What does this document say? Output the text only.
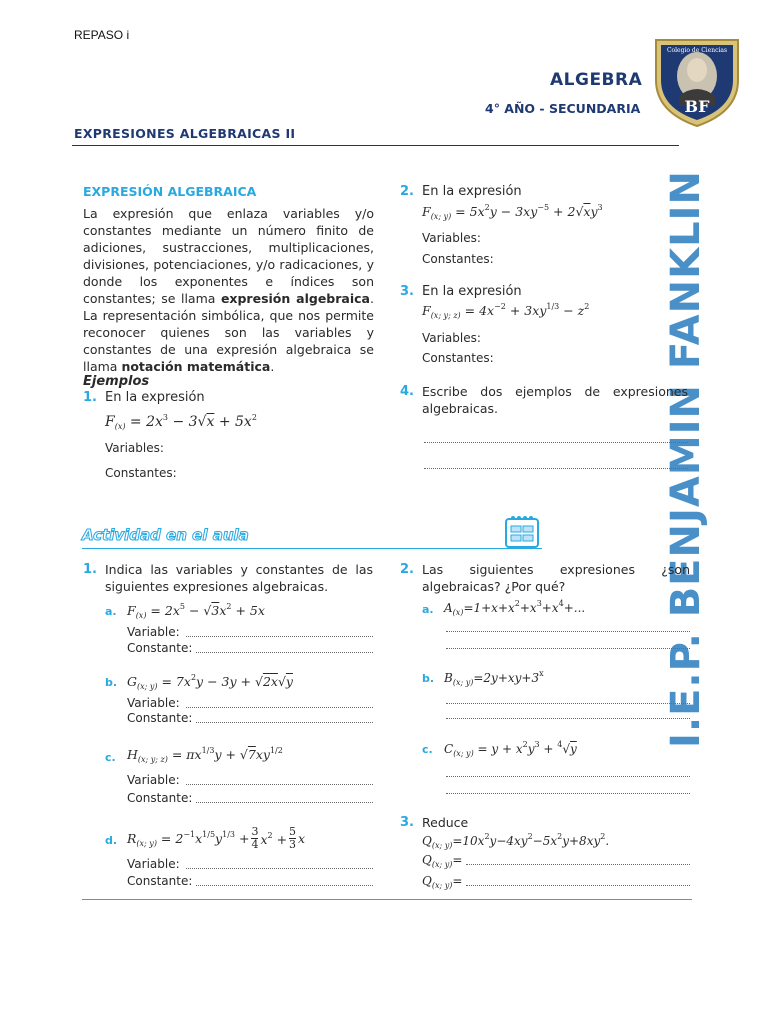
REPASO i
ALGEBRA
4° AÑO - SECUNDARIA	BF
Colegio de Ciencias
EXPRESIONES ALGEBRAICAS II
I.E.P. BENJAMIN FANKLIN
EXPRESIÓN ALGEBRAICA
La expresión que enlaza variables y/o constantes mediante un número finito de adiciones, sustracciones, multiplicaciones, divisiones, potenciaciones, y/o radicaciones, y donde los exponentes e índices son constantes; se llama expresión algebraica. La representación simbólica, que nos permite reconocer quienes son las variables y constantes de una expresión algebraica se llama notación matemática.
Ejemplos
1. En la expresión
$F_{(x)} = 2x^3 - 3√x + 5x^2$
Variables:
Constantes:
2. En la expresión
$F_{(x; y)} = 5x^2y - 3xy^{-5} + 2√xy^3$
Variables:
Constantes:
3. En la expresión
$F_{(x; y; z)} = 4x^{-2} + 3xy^{1/3} - z^2$
Variables:
Constantes:
4. Escribe dos ejemplos de expresiones algebraicas.
Actividad en el aula
1. Indica las variables y constantes de las siguientes expresiones algebraicas.
a. $F_{(x)} = 2x^5 - √3x^2 + 5x$
Variable:
Constante:
b. $G_{(x; y)} = 7x^2y - 3y + √2x√y$
Variable:
Constante:
c. $H_{(x; y; z)} = \pi x^{1/3}y + √7xy^{1/2}$
Variable:
Constante:
d. $R_{(x; y)} = 2^{-1}x^{1/5}y^{1/3} + \frac{3}{4} x^2 + \frac{5}{3}$ x
Variable:
Constante:
2. Las siguientes expresiones ¿son algebraicas? ¿Por qué?
a. $A_{(x)}=1+x+x^2+x^3+x^4+$...
b. $B_{(x; y)}=2y+xy+3^x$
c. $C_{(x; y)} = y + x^2y^3 + ^4√y$
3. Reduce
$Q_{(x; y)}=10x^2y-4xy^2-5x^2y+8xy^2$.
$Q_{(x; y)}=$
$Q_{(x; y)}=$
